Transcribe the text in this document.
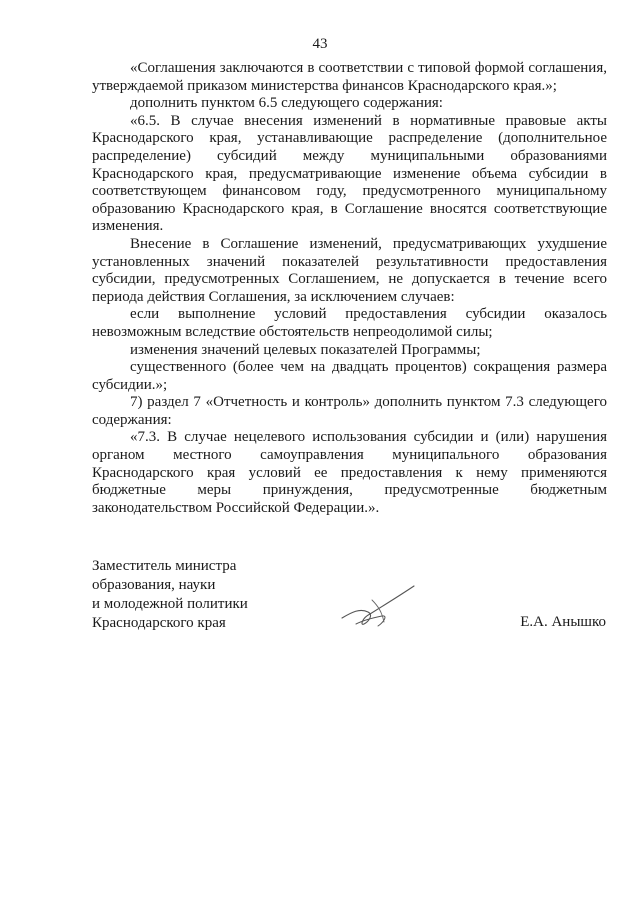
43

«Соглашения заключаются в соответствии с типовой формой соглашения, утверждаемой приказом министерства финансов Краснодарского края.»;

дополнить пунктом 6.5 следующего содержания:

«6.5. В случае внесения изменений в нормативные правовые акты Краснодарского края, устанавливающие распределение (дополнительное распределение) субсидий между муниципальными образованиями Краснодарского края, предусматривающие изменение объема субсидии в соответствующем финансовом году, предусмотренного муниципальному образованию Краснодарского края, в Соглашение вносятся соответствующие изменения.

Внесение в Соглашение изменений, предусматривающих ухудшение установленных значений показателей результативности предоставления субсидии, предусмотренных Соглашением, не допускается в течение всего периода действия Соглашения, за исключением случаев:

если выполнение условий предоставления субсидии оказалось невозможным вследствие обстоятельств непреодолимой силы;

изменения значений целевых показателей Программы;

существенного (более чем на двадцать процентов) сокращения размера субсидии.»;

7) раздел 7 «Отчетность и контроль» дополнить пунктом 7.3 следующего содержания:

«7.3. В случае нецелевого использования субсидии и (или) нарушения органом местного самоуправления муниципального образования Краснодарского края условий ее предоставления к нему применяются бюджетные меры принуждения, предусмотренные бюджетным законодательством Российской Федерации.».

Заместитель министра
образования, науки
и молодежной политики
Краснодарского края	Е.А. Анышко
